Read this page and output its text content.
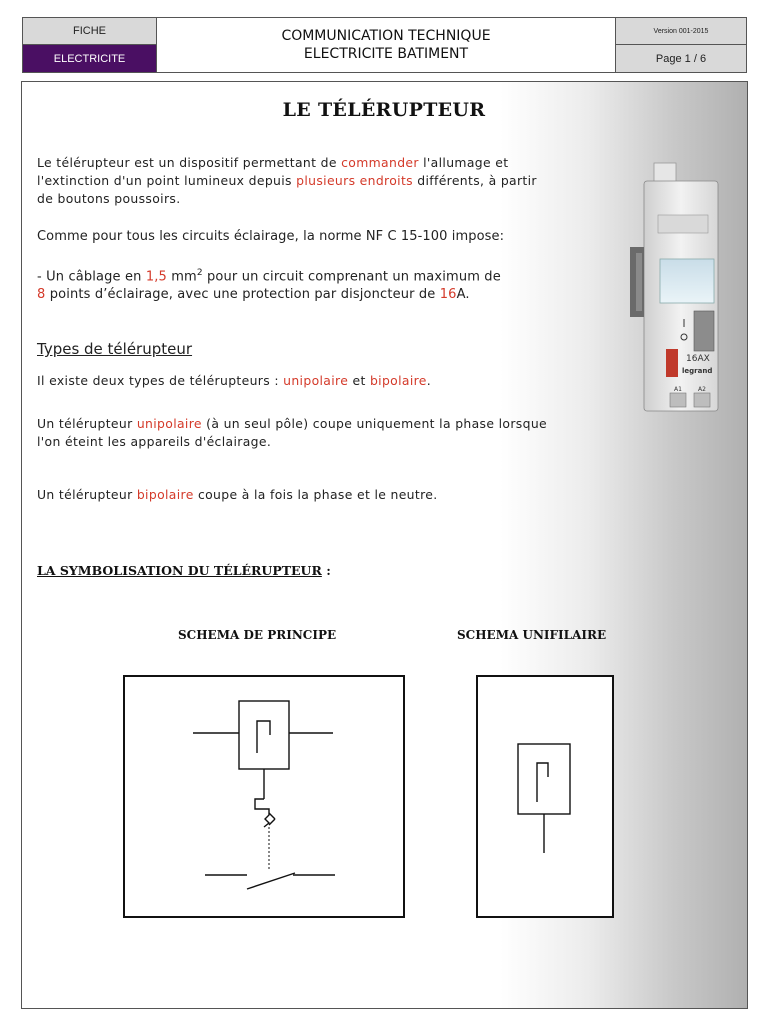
FICHE
ELECTRICITE
COMMUNICATION TECHNIQUE
ELECTRICITE BATIMENT
Version 001-2015
Page 1 / 6
LE TÉLÉRUPTEUR
Le télérupteur est un dispositif permettant de commander l'allumage et
l'extinction d'un point lumineux depuis plusieurs endroits différents, à partir
de boutons poussoirs.
Comme pour tous les circuits éclairage, la norme NF C 15-100 impose:
- Un câblage en 1,5 $mm^2$ pour un circuit comprenant un maximum de
8 points d’éclairage, avec une protection par disjoncteur de 16A.
Types de télérupteur
Il existe deux types de télérupteurs : unipolaire et bipolaire.
Un télérupteur unipolaire (à un seul pôle) coupe uniquement la phase lorsque
l'on éteint les appareils d'éclairage.
Un télérupteur bipolaire coupe à la fois la phase et le neutre.
LA SYMBOLISATION DU TÉLÉRUPTEUR :
SCHEMA DE PRINCIPE	SCHEMA UNIFILAIRE
16AX
legrand
A1	A2
